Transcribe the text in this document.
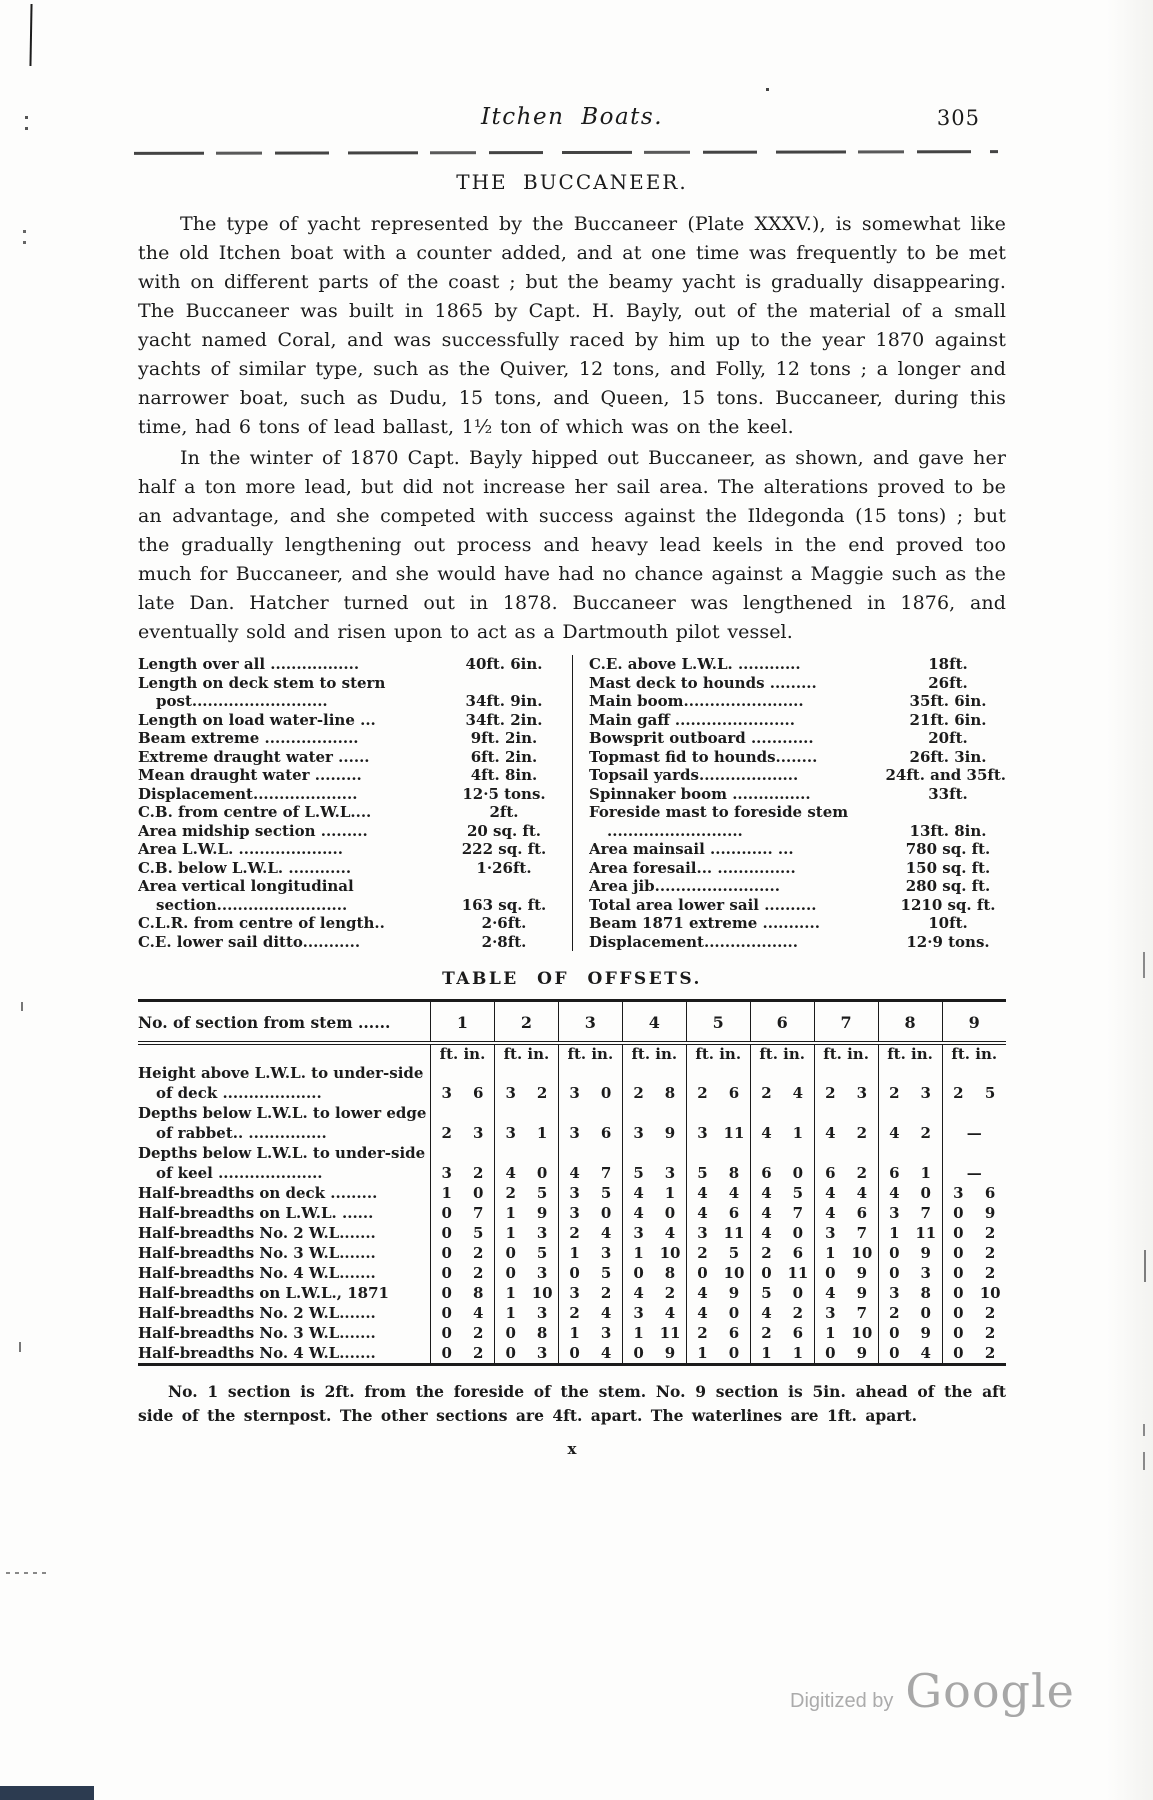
Itchen Boats.	305
THE BUCCANEER.

The type of yacht represented by the Buccaneer (Plate XXXV.), is somewhat like the old Itchen boat with a counter added, and at one time was frequently to be met with on different parts of the coast ; but the beamy yacht is gradually disappearing. The Buccaneer was built in 1865 by Capt. H. Bayly, out of the material of a small yacht named Coral, and was successfully raced by him up to the year 1870 against yachts of similar type, such as the Quiver, 12 tons, and Folly, 12 tons ; a longer and narrower boat, such as Dudu, 15 tons, and Queen, 15 tons. Buccaneer, during this time, had 6 tons of lead ballast, 1½ ton of which was on the keel.

In the winter of 1870 Capt. Bayly hipped out Buccaneer, as shown, and gave her half a ton more lead, but did not increase her sail area. The alterations proved to be an advantage, and she competed with success against the Ildegonda (15 tons) ; but the gradually lengthening out process and heavy lead keels in the end proved too much for Buccaneer, and she would have had no chance against a Maggie such as the late Dan. Hatcher turned out in 1878. Buccaneer was lengthened in 1876, and eventually sold and risen upon to act as a Dartmouth pilot vessel.

Length over all .................	40ft. 6in.
Length on deck stem to stern post..........................	34ft. 9in.
Length on load water-line ...	34ft. 2in.
Beam extreme ..................	9ft. 2in.
Extreme draught water ......	6ft. 2in.
Mean draught water .........	4ft. 8in.
Displacement....................	12·5 tons.
C.B. from centre of L.W.L....	2ft.
Area midship section .........	20 sq. ft.
Area L.W.L. ....................	222 sq. ft.
C.B. below L.W.L. ............	1·26ft.
Area vertical longitudinal section.........................	163 sq. ft.
C.L.R. from centre of length..	2·6ft.
C.E. lower sail ditto...........	2·8ft.
C.E. above L.W.L. ............	18ft.
Mast deck to hounds .........	26ft.
Main boom.......................	35ft. 6in.
Main gaff .......................	21ft. 6in.
Bowsprit outboard ............	20ft.
Topmast fid to hounds........	26ft. 3in.
Topsail yards...................	24ft. and 35ft.
Spinnaker boom ...............	33ft.
Foreside mast to foreside stem ..........................	13ft. 8in.
Area mainsail ............ ...	780 sq. ft.
Area foresail... ...............	150 sq. ft.
Area jib........................	280 sq. ft.
Total area lower sail ..........	1210 sq. ft.
Beam 1871 extreme ...........	10ft.
Displacement..................	12·9 tons.
TABLE OF OFFSETS.
No. of section from stem ......	1	2	3	4	5	6	7	8	9
	ft. in.	ft. in.	ft. in.	ft. in.	ft. in.	ft. in.	ft. in.	ft. in.	ft. in.

Height above L.W.L. to under-side of deck ...................	3 6	3 2	3 0	2 8	2 6	2 4	2 3	2 3	2 5

Depths below L.W.L. to lower edge of rabbet.. ...............	2 3	3 1	3 6	3 9	3 11	4 1	4 2	4 2	—

Depths below L.W.L. to under-side of keel ....................	3 2	4 0	4 7	5 3	5 8	6 0	6 2	6 1	—

Half-breadths on deck .........	1 0	2 5	3 5	4 1	4 4	4 5	4 4	4 0	3 6

Half-breadths on L.W.L. ......	0 7	1 9	3 0	4 0	4 6	4 7	4 6	3 7	0 9

Half-breadths No. 2 W.L.......	0 5	1 3	2 4	3 4	3 11	4 0	3 7	1 11	0 2

Half-breadths No. 3 W.L.......	0 2	0 5	1 3	1 10	2 5	2 6	1 10	0 9	0 2

Half-breadths No. 4 W.L.......	0 2	0 3	0 5	0 8	0 10	0 11	0 9	0 3	0 2

Half-breadths on L.W.L., 1871	0 8	1 10	3 2	4 2	4 9	5 0	4 9	3 8	0 10

Half-breadths No. 2 W.L.......	0 4	1 3	2 4	3 4	4 0	4 2	3 7	2 0	0 2

Half-breadths No. 3 W.L.......	0 2	0 8	1 3	1 11	2 6	2 6	1 10	0 9	0 2

Half-breadths No. 4 W.L.......	0 2	0 3	0 4	0 9	1 0	1 1	0 9	0 4	0 2

No. 1 section is 2ft. from the foreside of the stem. No. 9 section is 5in. ahead of the aft side of the sternpost. The other sections are 4ft. apart. The waterlines are 1ft. apart.

x
Digitized by Google
